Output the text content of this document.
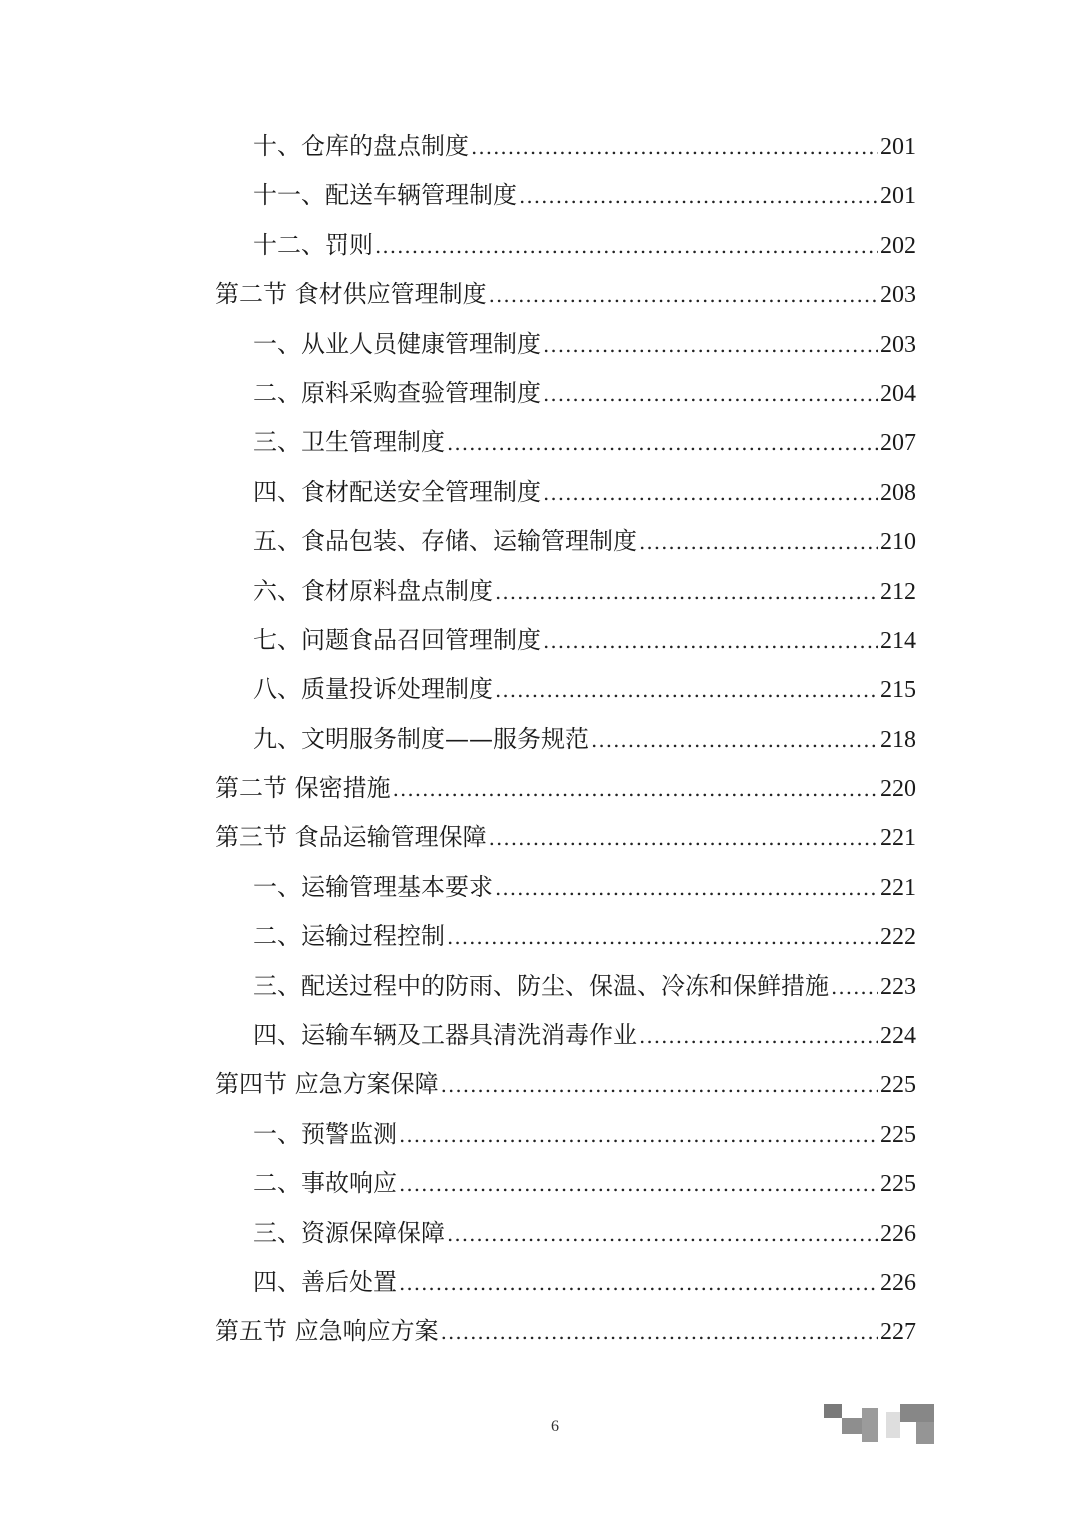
十、仓库的盘点制度 .....	201
十一、配送车辆管理制度 .....	201
十二、罚则 .....	202
第二节 食材供应管理制度 .....	203
一、从业人员健康管理制度 .....	203
二、原料采购查验管理制度 .....	204
三、卫生管理制度 .....	207
四、食材配送安全管理制度 .....	208
五、食品包装、存储、运输管理制度 .....	210
六、食材原料盘点制度 .....	212
七、问题食品召回管理制度 .....	214
八、质量投诉处理制度 .....	215
九、文明服务制度——服务规范 .....	218
第二节 保密措施 .....	220
第三节 食品运输管理保障 .....	221
一、运输管理基本要求 .....	221
二、运输过程控制 .....	222
三、配送过程中的防雨、防尘、保温、冷冻和保鲜措施 ..... 223
四、运输车辆及工器具清洗消毒作业 .....	224
第四节 应急方案保障 .....	225
一、预警监测 .....	225
二、事故响应 .....	225
三、资源保障保障 .....	226
四、善后处置 .....	226
第五节 应急响应方案 .....	227
6
